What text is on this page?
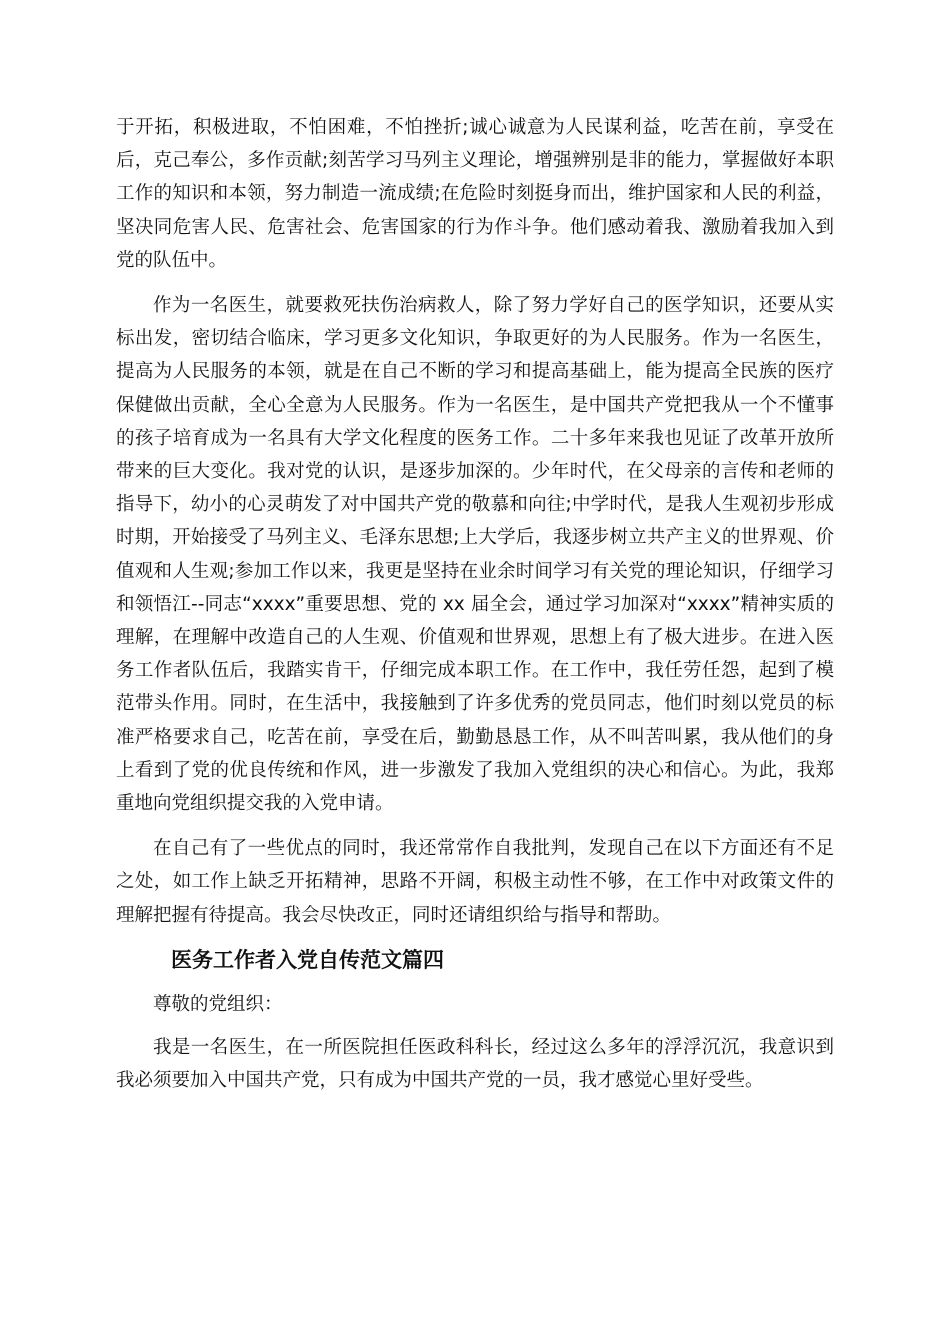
于开拓，积极进取，不怕困难，不怕挫折;诚心诚意为人民谋利益，吃苦在前，享受在后，克己奉公，多作贡献;刻苦学习马列主义理论，增强辨别是非的能力，掌握做好本职工作的知识和本领，努力制造一流成绩;在危险时刻挺身而出，维护国家和人民的利益，坚决同危害人民、危害社会、危害国家的行为作斗争。他们感动着我、激励着我加入到党的队伍中。

作为一名医生，就要救死扶伤治病救人，除了努力学好自己的医学知识，还要从实标出发，密切结合临床，学习更多文化知识，争取更好的为人民服务。作为一名医生，提高为人民服务的本领，就是在自己不断的学习和提高基础上，能为提高全民族的医疗保健做出贡献，全心全意为人民服务。作为一名医生，是中国共产党把我从一个不懂事的孩子培育成为一名具有大学文化程度的医务工作。二十多年来我也见证了改革开放所带来的巨大变化。我对党的认识，是逐步加深的。少年时代，在父母亲的言传和老师的指导下，幼小的心灵萌发了对中国共产党的敬慕和向往;中学时代，是我人生观初步形成时期，开始接受了马列主义、毛泽东思想;上大学后，我逐步树立共产主义的世界观、价值观和人生观;参加工作以来，我更是坚持在业余时间学习有关党的理论知识，仔细学习和领悟江--同志“xxxx”重要思想、党的 xx 届全会，通过学习加深对“xxxx”精神实质的理解，在理解中改造自己的人生观、价值观和世界观，思想上有了极大进步。在进入医务工作者队伍后，我踏实肯干，仔细完成本职工作。在工作中，我任劳任怨，起到了模范带头作用。同时，在生活中，我接触到了许多优秀的党员同志，他们时刻以党员的标准严格要求自己，吃苦在前，享受在后，勤勤恳恳工作，从不叫苦叫累，我从他们的身上看到了党的优良传统和作风，进一步激发了我加入党组织的决心和信心。为此，我郑重地向党组织提交我的入党申请。

在自己有了一些优点的同时，我还常常作自我批判，发现自己在以下方面还有不足之处，如工作上缺乏开拓精神，思路不开阔，积极主动性不够，在工作中对政策文件的理解把握有待提高。我会尽快改正，同时还请组织给与指导和帮助。

医务工作者入党自传范文篇四

尊敬的党组织：

我是一名医生，在一所医院担任医政科科长，经过这么多年的浮浮沉沉，我意识到我必须要加入中国共产党，只有成为中国共产党的一员，我才感觉心里好受些。
